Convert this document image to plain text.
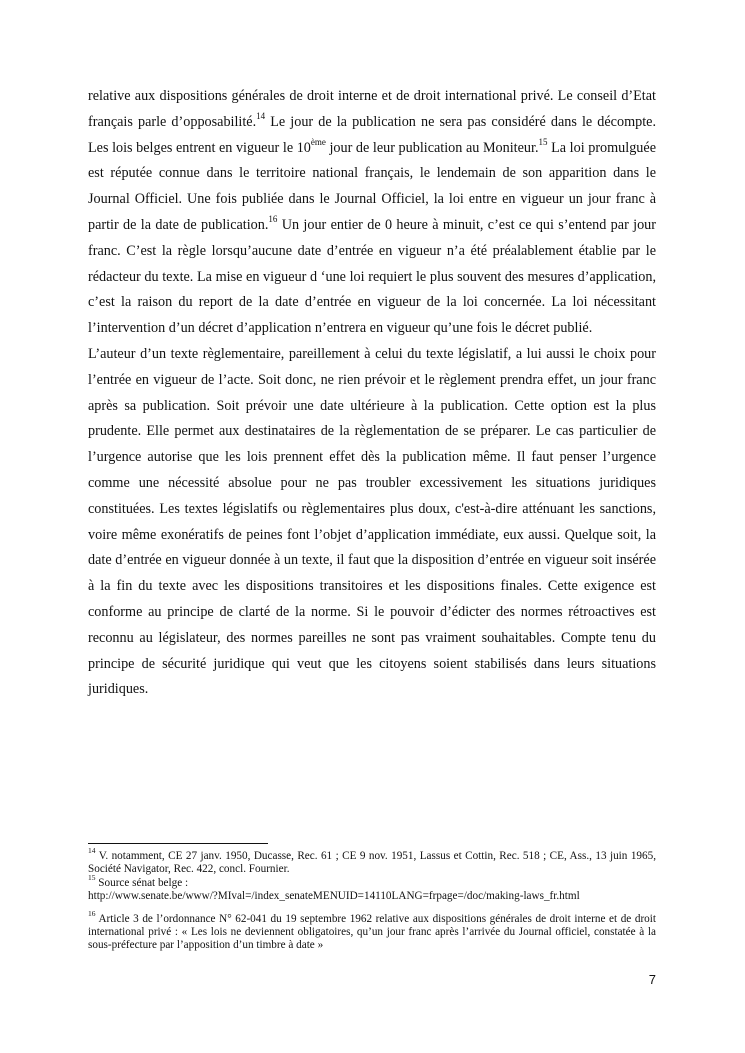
relative aux dispositions générales de droit interne et de droit international privé. Le conseil d’Etat français parle d’opposabilité.$^{14}$ Le jour de la publication ne sera pas considéré dans le décompte. Les lois belges entrent en vigueur le 10ème jour de leur publication au Moniteur.$^{15}$ La loi promulguée est réputée connue dans le territoire national français, le lendemain de son apparition dans le Journal Officiel. Une fois publiée dans le Journal Officiel, la loi entre en vigueur un jour franc à partir de la date de publication.$^{16}$ Un jour entier de 0 heure à minuit, c’est ce qui s’entend par jour franc. C’est la règle lorsqu’aucune date d’entrée en vigueur n’a été préalablement établie par le rédacteur du texte. La mise en vigueur d ‘une loi requiert le plus souvent des mesures d’application, c’est la raison du report de la date d’entrée en vigueur de la loi concernée. La loi nécessitant l’intervention d’un décret d’application n’entrera en vigueur qu’une fois le décret publié.

L’auteur d’un texte règlementaire, pareillement à celui du texte législatif, a lui aussi le choix pour l’entrée en vigueur de l’acte. Soit donc, ne rien prévoir et le règlement prendra effet, un jour franc après sa publication. Soit prévoir une date ultérieure à la publication. Cette option est la plus prudente. Elle permet aux destinataires de la règlementation de se préparer. Le cas particulier de l’urgence autorise que les lois prennent effet dès la publication même. Il faut penser l’urgence comme une nécessité absolue pour ne pas troubler excessivement les situations juridiques constituées. Les textes législatifs ou règlementaires plus doux, c'est-à-dire atténuant les sanctions, voire même exonératifs de peines font l’objet d’application immédiate, eux aussi. Quelque soit, la date d’entrée en vigueur donnée à un texte, il faut que la disposition d’entrée en vigueur soit insérée à la fin du texte avec les dispositions transitoires et les dispositions finales. Cette exigence est conforme au principe de clarté de la norme. Si le pouvoir d’édicter des normes rétroactives est reconnu au législateur, des normes pareilles ne sont pas vraiment souhaitables. Compte tenu du principe de sécurité juridique qui veut que les citoyens soient stabilisés dans leurs situations juridiques.

$^{14}$ V. notamment, CE 27 janv. 1950, Ducasse, Rec. 61 ; CE 9 nov. 1951, Lassus et Cottin, Rec. 518 ; CE, Ass., 13 juin 1965, Société Navigator, Rec. 422, concl. Fournier.

$^{15}$ Source sénat belge :
http://www.senate.be/www/?MIval=/index_senateMENUID=14110LANG=frpage=/doc/making-laws_fr.html

$^{16}$ Article 3 de l’ordonnance N° 62-041 du 19 septembre 1962 relative aux dispositions générales de droit interne et de droit international privé : « Les lois ne deviennent obligatoires, qu’un jour franc après l’arrivée du Journal officiel, constatée à la sous-préfecture par l’apposition d’un timbre à date »

7
